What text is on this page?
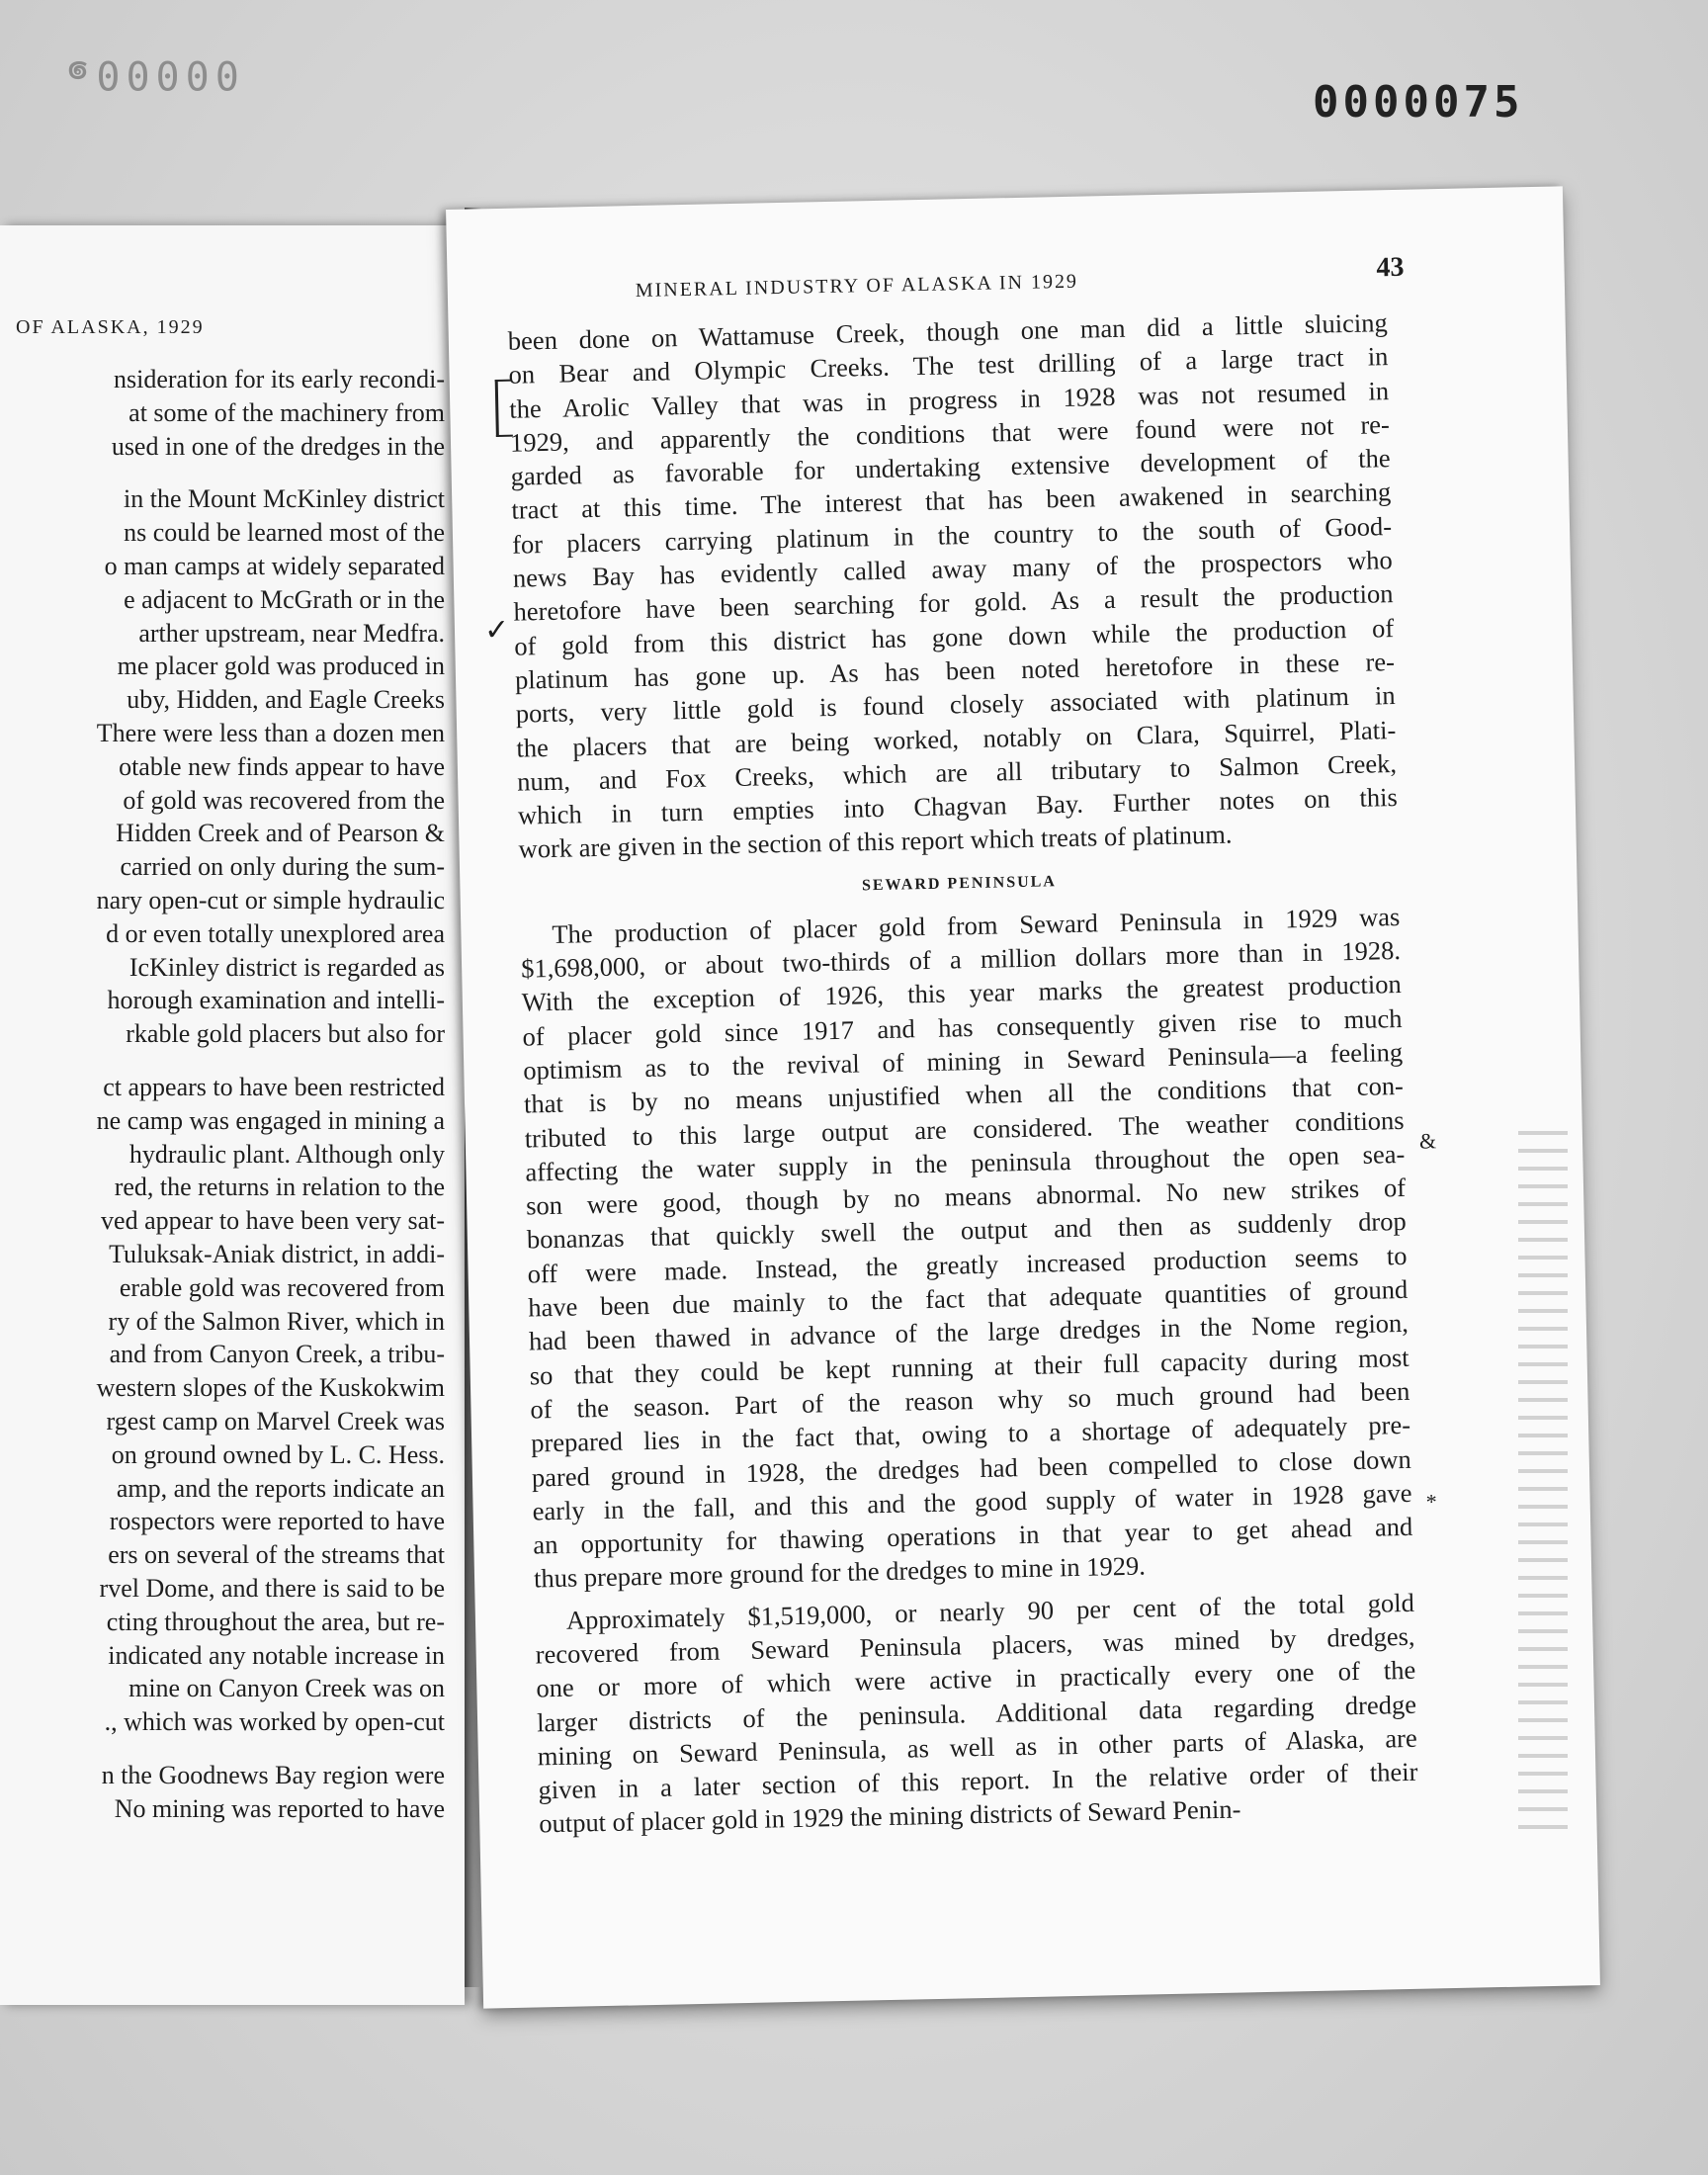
00000๑
0000075
OF ALASKA, 1929
nsideration for its early recondi-
at some of the machinery from
used in one of the dredges in the
in the Mount McKinley district
ns could be learned most of the
o man camps at widely separated
e adjacent to McGrath or in the
arther upstream, near Medfra.
me placer gold was produced in
uby, Hidden, and Eagle Creeks
There were less than a dozen men
otable new finds appear to have
of gold was recovered from the
Hidden Creek and of Pearson &
carried on only during the sum-
nary open-cut or simple hydraulic
d or even totally unexplored area
IcKinley district is regarded as
horough examination and intelli-
rkable gold placers but also for
ct appears to have been restricted
ne camp was engaged in mining a
hydraulic plant. Although only
red, the returns in relation to the
ved appear to have been very sat-
Tuluksak-Aniak district, in addi-
erable gold was recovered from
ry of the Salmon River, which in
and from Canyon Creek, a tribu-
western slopes of the Kuskokwim
rgest camp on Marvel Creek was
on ground owned by L. C. Hess.
amp, and the reports indicate an
rospectors were reported to have
ers on several of the streams that
rvel Dome, and there is said to be
cting throughout the area, but re-
indicated any notable increase in
mine on Canyon Creek was on
., which was worked by open-cut
n the Goodnews Bay region were
No mining was reported to have
MINERAL INDUSTRY OF ALASKA IN 1929
43
✓
been done on Wattamuse Creek, though one man did a little sluicing
on Bear and Olympic Creeks. The test drilling of a large tract in
the Arolic Valley that was in progress in 1928 was not resumed in
1929, and apparently the conditions that were found were not re-
garded as favorable for undertaking extensive development of the
tract at this time. The interest that has been awakened in searching
for placers carrying platinum in the country to the south of Good-
news Bay has evidently called away many of the prospectors who
heretofore have been searching for gold. As a result the production
of gold from this district has gone down while the production of
platinum has gone up. As has been noted heretofore in these re-
ports, very little gold is found closely associated with platinum in
the placers that are being worked, notably on Clara, Squirrel, Plati-
num, and Fox Creeks, which are all tributary to Salmon Creek,
which in turn empties into Chagvan Bay. Further notes on this
work are given in the section of this report which treats of platinum.
SEWARD PENINSULA
The production of placer gold from Seward Peninsula in 1929 was
$1,698,000, or about two-thirds of a million dollars more than in 1928.
With the exception of 1926, this year marks the greatest production
of placer gold since 1917 and has consequently given rise to much
optimism as to the revival of mining in Seward Peninsula—a feeling
that is by no means unjustified when all the conditions that con-
tributed to this large output are considered. The weather conditions
affecting the water supply in the peninsula throughout the open sea-
son were good, though by no means abnormal. No new strikes of
bonanzas that quickly swell the output and then as suddenly drop
off were made. Instead, the greatly increased production seems to
have been due mainly to the fact that adequate quantities of ground
had been thawed in advance of the large dredges in the Nome region,
so that they could be kept running at their full capacity during most
of the season. Part of the reason why so much ground had been
prepared lies in the fact that, owing to a shortage of adequately pre-
pared ground in 1928, the dredges had been compelled to close down
early in the fall, and this and the good supply of water in 1928 gave
an opportunity for thawing operations in that year to get ahead and
thus prepare more ground for the dredges to mine in 1929.
Approximately $1,519,000, or nearly 90 per cent of the total gold
recovered from Seward Peninsula placers, was mined by dredges,
one or more of which were active in practically every one of the
larger districts of the peninsula. Additional data regarding dredge
mining on Seward Peninsula, as well as in other parts of Alaska, are
given in a later section of this report. In the relative order of their
output of placer gold in 1929 the mining districts of Seward Penin-
&
*
